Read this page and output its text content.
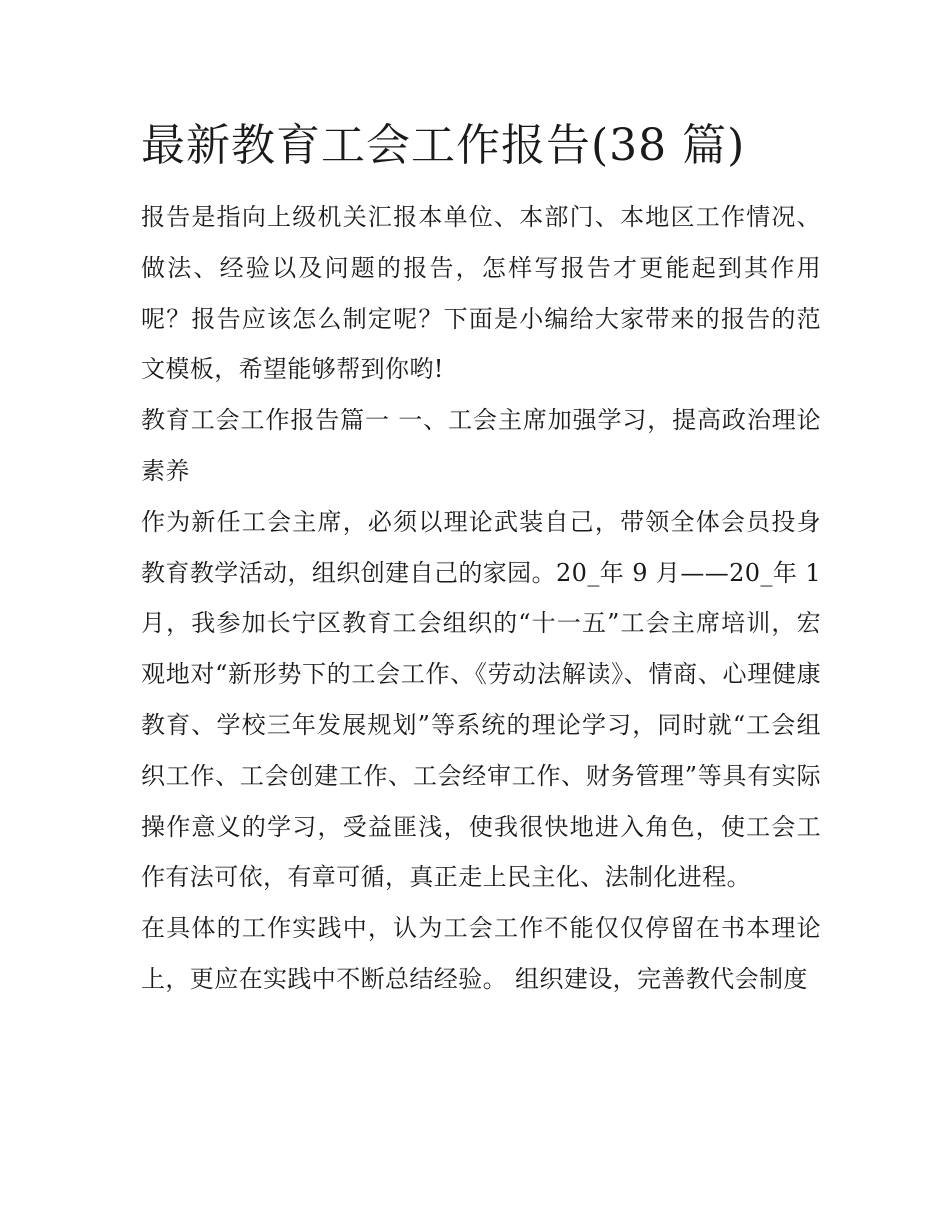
最新教育工会工作报告(38 篇)

报告是指向上级机关汇报本单位、本部门、本地区工作情况、做法、经验以及问题的报告，怎样写报告才更能起到其作用呢？报告应该怎么制定呢？下面是小编给大家带来的报告的范文模板，希望能够帮到你哟!

教育工会工作报告篇一 一、工会主席加强学习，提高政治理论素养

作为新任工会主席，必须以理论武装自己，带领全体会员投身教育教学活动，组织创建自己的家园。20_年 9 月——20_年 1 月，我参加长宁区教育工会组织的“十一五”工会主席培训，宏观地对“新形势下的工会工作、《劳动法解读》、情商、心理健康教育、学校三年发展规划”等系统的理论学习，同时就“工会组织工作、工会创建工作、工会经审工作、财务管理”等具有实际操作意义的学习，受益匪浅，使我很快地进入角色，使工会工作有法可依，有章可循，真正走上民主化、法制化进程。

在具体的工作实践中，认为工会工作不能仅仅停留在书本理论上，更应在实践中不断总结经验。 组织建设，完善教代会制度
